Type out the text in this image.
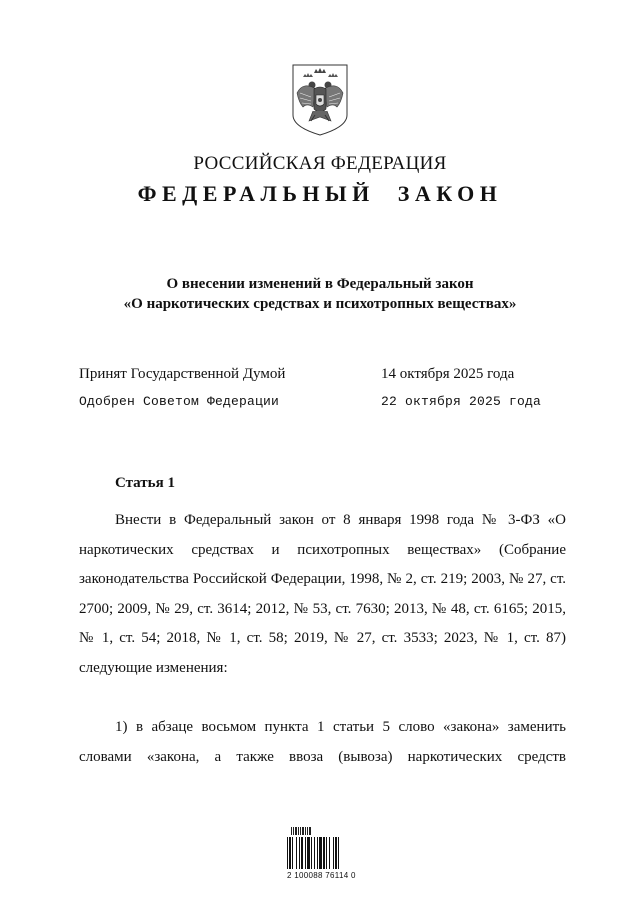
РОССИЙСКАЯ ФЕДЕРАЦИЯ
ФЕДЕРАЛЬНЫЙ ЗАКОН
О внесении изменений в Федеральный закон
«О наркотических средствах и психотропных веществах»
Принят Государственной Думой	14 октября 2025 года
Одобрен Советом Федерации	22 октября 2025 года
Статья 1

Внести в Федеральный закон от 8 января 1998 года № 3-ФЗ «О наркотических средствах и психотропных веществах» (Собрание законодательства Российской Федерации, 1998, № 2, ст. 219; 2003, № 27, ст. 2700; 2009, № 29, ст. 3614; 2012, № 53, ст. 7630; 2013, № 48, ст. 6165; 2015, № 1, ст. 54; 2018, № 1, ст. 58; 2019, № 27, ст. 3533; 2023, № 1, ст. 87) следующие изменения:

1) в абзаце восьмом пункта 1 статьи 5 слово «закона» заменить словами «закона, а также ввоза (вывоза) наркотических средств
2 100088 76114 0
